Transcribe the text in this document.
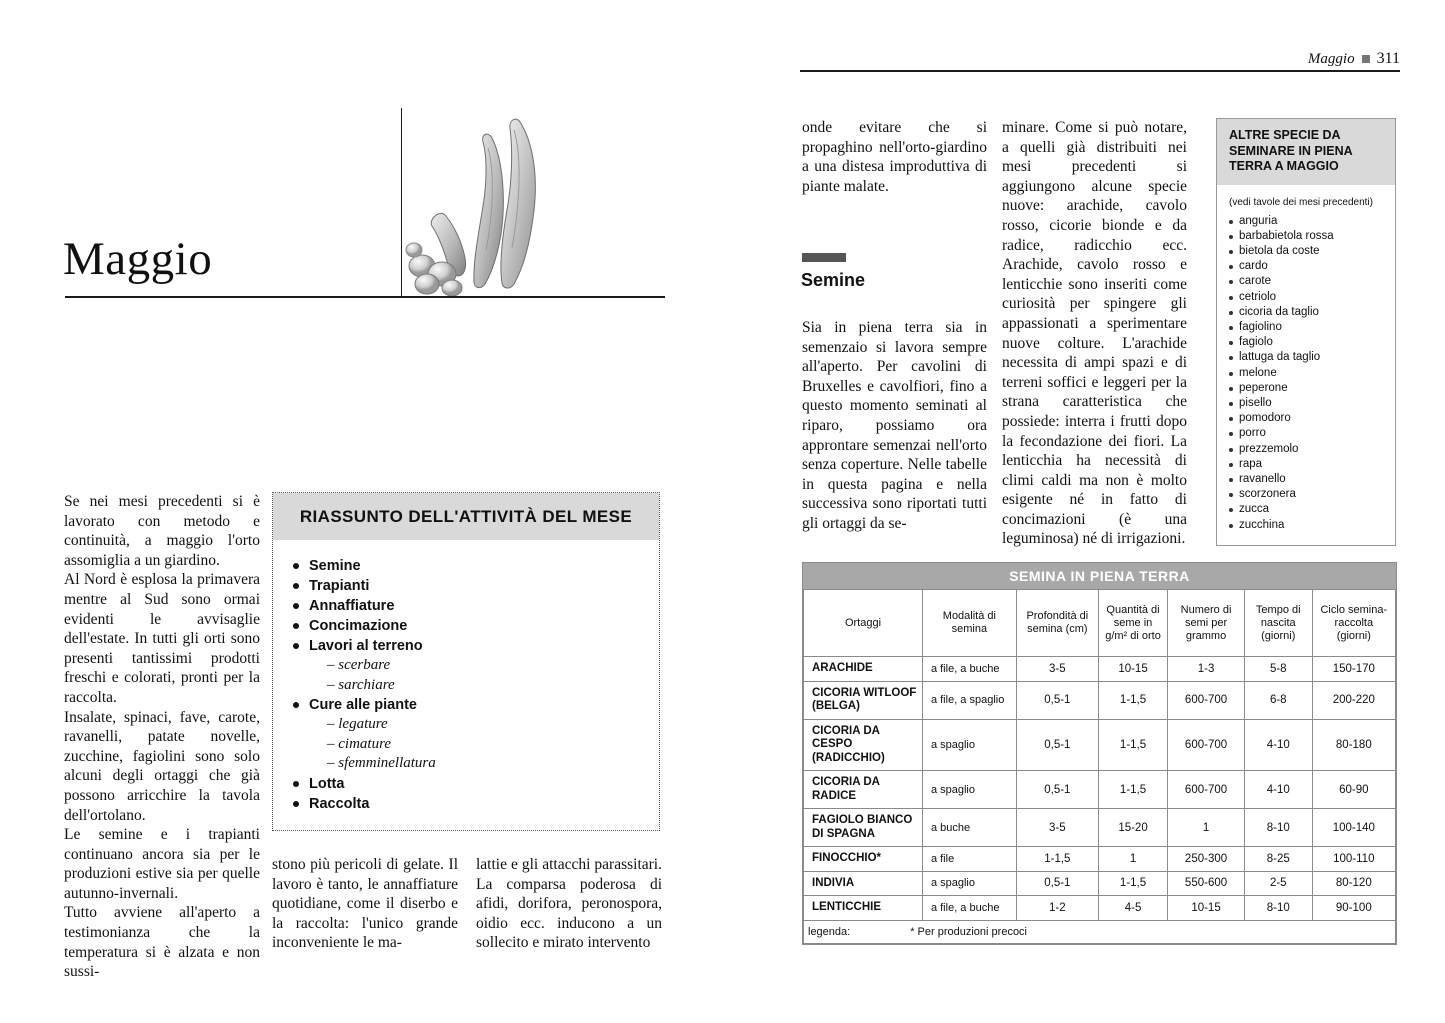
Maggio

Se nei mesi precedenti si è lavorato con metodo e continuità, a maggio l'orto assomiglia a un giardino.

Al Nord è esplosa la primavera mentre al Sud sono ormai evidenti le avvisaglie dell'estate. In tutti gli orti sono presenti tantissimi prodotti freschi e colorati, pronti per la raccolta.

Insalate, spinaci, fave, carote, ravanelli, patate novelle, zucchine, fagiolini sono solo alcuni degli ortaggi che già possono arricchire la tavola dell'ortolano.

Le semine e i trapianti continuano ancora sia per le produzioni estive sia per quelle autunno-invernali.

Tutto avviene all'aperto a testimonianza che la temperatura si è alzata e non sussi-

RIASSUNTO DELL'ATTIVITÀ DEL MESE
Semine
Trapianti
Annaffiature
Concimazione
Lavori al terreno
– scerbare
– sarchiare
Cure alle piante
– legature
– cimature
– sfemminellatura
Lotta
Raccolta
stono più pericoli di gelate. Il lavoro è tanto, le annaffiature quotidiane, come il diserbo e la raccolta: l'unico grande inconveniente le ma-
lattie e gli attacchi parassitari. La comparsa poderosa di afidi, dorifora, peronospora, oidio ecc. inducono a un sollecito e mirato intervento
Maggio 311
onde evitare che si propaghino nell'orto-giardino a una distesa improduttiva di piante malate.
Semine
Sia in piena terra sia in semenzaio si lavora sempre all'aperto. Per cavolini di Bruxelles e cavolfiori, fino a questo momento seminati al riparo, possiamo ora approntare semenzai nell'orto senza coperture. Nelle tabelle in questa pagina e nella successiva sono riportati tutti gli ortaggi da se-
minare. Come si può notare, a quelli già distribuiti nei mesi precedenti si aggiungono alcune specie nuove: arachide, cavolo rosso, cicorie bionde e da radice, radicchio ecc. Arachide, cavolo rosso e lenticchie sono inseriti come curiosità per spingere gli appassionati a sperimentare nuove colture. L'arachide necessita di ampi spazi e di terreni soffici e leggeri per la strana caratteristica che possiede: interra i frutti dopo la fecondazione dei fiori. La lenticchia ha necessità di climi caldi ma non è molto esigente né in fatto di concimazioni (è una leguminosa) né di irrigazioni.
ALTRE SPECIE DA SEMINARE IN PIENA TERRA A MAGGIO
(vedi tavole dei mesi precedenti)
anguria
barbabietola rossa
bietola da coste
cardo
carote
cetriolo
cicoria da taglio
fagiolino
fagiolo
lattuga da taglio
melone
peperone
pisello
pomodoro
porro
prezzemolo
rapa
ravanello
scorzonera
zucca
zucchina
SEMINA IN PIENA TERRA
Ortaggi	Modalità di semina	Profondità di semina (cm)	Quantità di seme in g/m² di orto	Numero di semi per grammo	Tempo di nascita (giorni)	Ciclo semina-raccolta (giorni)
ARACHIDE	a file, a buche	3-5	10-15	1-3	5-8	150-170
CICORIA WITLOOF (BELGA)	a file, a spaglio	0,5-1	1-1,5	600-700	6-8	200-220
CICORIA DA CESPO (RADICCHIO)	a spaglio	0,5-1	1-1,5	600-700	4-10	80-180
CICORIA DA RADICE	a spaglio	0,5-1	1-1,5	600-700	4-10	60-90
FAGIOLO BIANCO DI SPAGNA	a buche	3-5	15-20	1	8-10	100-140
FINOCCHIO*	a file	1-1,5	1	250-300	8-25	100-110
INDIVIA	a spaglio	0,5-1	1-1,5	550-600	2-5	80-120
LENTICCHIE	a file, a buche	1-2	4-5	10-15	8-10	90-100

legenda: * Per produzioni precoci						
